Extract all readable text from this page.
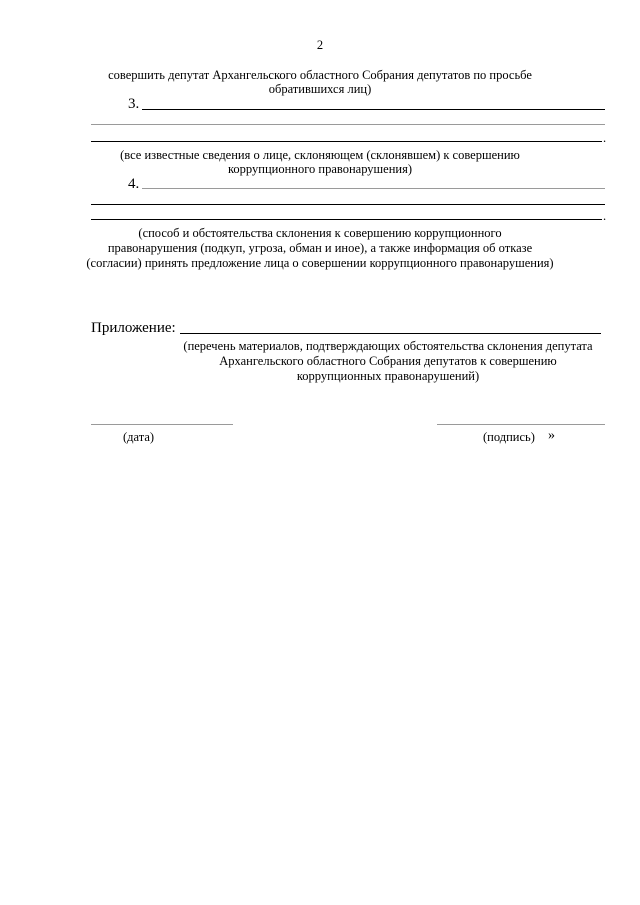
2
совершить депутат Архангельского областного Собрания депутатов по просьбе
обратившихся лиц)
3.
.
(все известные сведения о лице, склоняющем (склонявшем) к совершению
коррупционного правонарушения)
4.
.
(способ и обстоятельства склонения к совершению коррупционного
правонарушения (подкуп, угроза, обман и иное), а также информация об отказе
(согласии) принять предложение лица о совершении коррупционного правонарушения)
Приложение:
(перечень материалов, подтверждающих обстоятельства склонения депутата
Архангельского областного Собрания депутатов к совершению
коррупционных правонарушений)
(дата)	(подпись) »
